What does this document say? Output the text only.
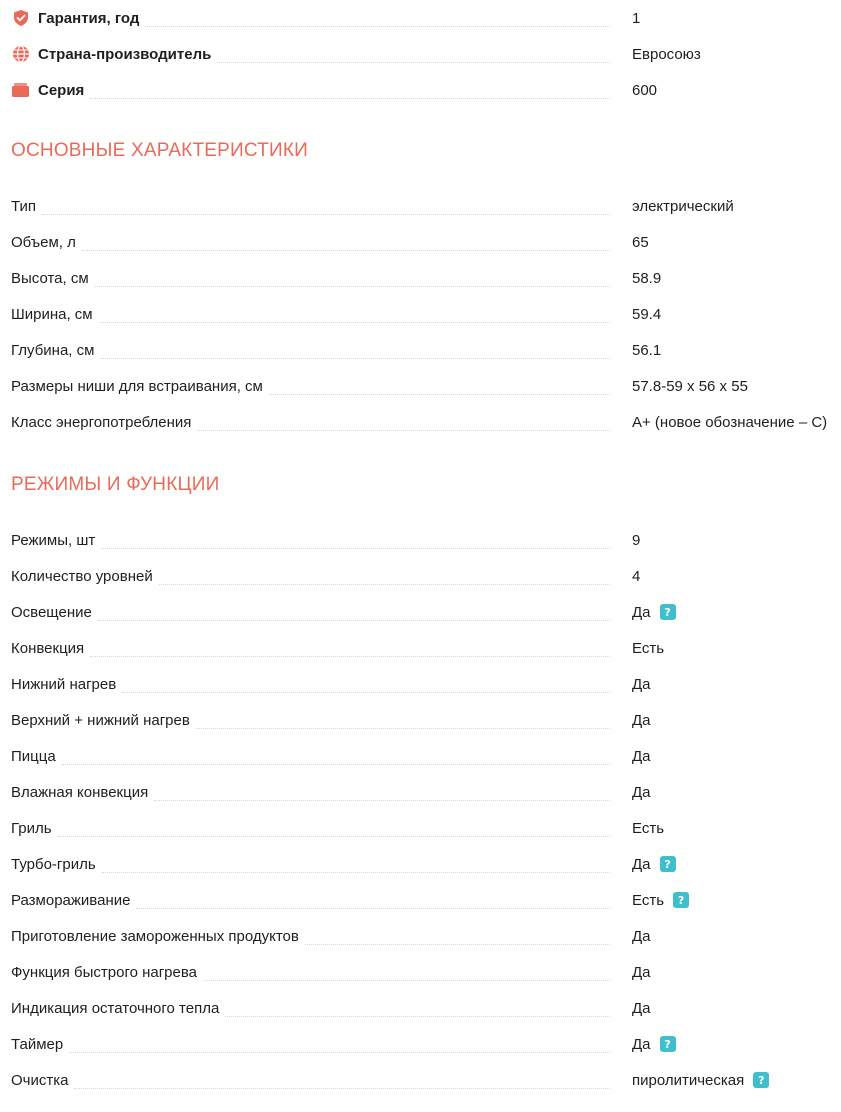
Гарантия, год	1
Страна-производитель	Евросоюз
Серия	600
ОСНОВНЫЕ ХАРАКТЕРИСТИКИ
Тип	электрический
Объем, л	65
Высота, см	58.9
Ширина, см	59.4
Глубина, см	56.1
Размеры ниши для встраивания, см	57.8-59 x 56 x 55
Класс энергопотребления	A+ (новое обозначение – C)
РЕЖИМЫ И ФУНКЦИИ
Режимы, шт	9
Количество уровней	4
Освещение	Да	?
Конвекция	Есть
Нижний нагрев	Да
Верхний + нижний нагрев	Да
Пицца	Да
Влажная конвекция	Да
Гриль	Есть
Турбо-гриль	Да	?
Размораживание	Есть	?
Приготовление замороженных продуктов	Да
Функция быстрого нагрева	Да
Индикация остаточного тепла	Да
Таймер	Да	?
Очистка	пиролитическая	?
